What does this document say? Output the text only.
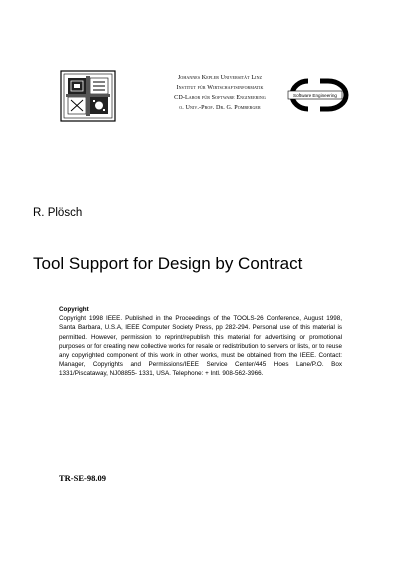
Johannes Kepler Universität Linz
Institut für Wirtschaftsinformatik
CD-Labor für Software Engineering
o. Univ.-Prof. Dr. G. Pomberger
Software Engineering
R. Plösch
Tool Support for Design by Contract
Copyright
Copyright 1998 IEEE. Published in the Proceedings of the TOOLS-26 Conference, August 1998, Santa Barbara, U.S.A, IEEE Computer Society Press, pp 282-294. Personal use of this material is permitted. However, permission to reprint/republish this material for advertising or promotional purposes or for creating new collective works for resale or redistribution to servers or lists, or to reuse any copyrighted component of this work in other works, must be obtained from the IEEE. Contact: Manager, Copyrights and Permissions/IEEE Service Center/445 Hoes Lane/P.O. Box 1331/Piscataway, NJ08855- 1331, USA. Telephone: + Intl. 908-562-3966.
TR-SE-98.09
